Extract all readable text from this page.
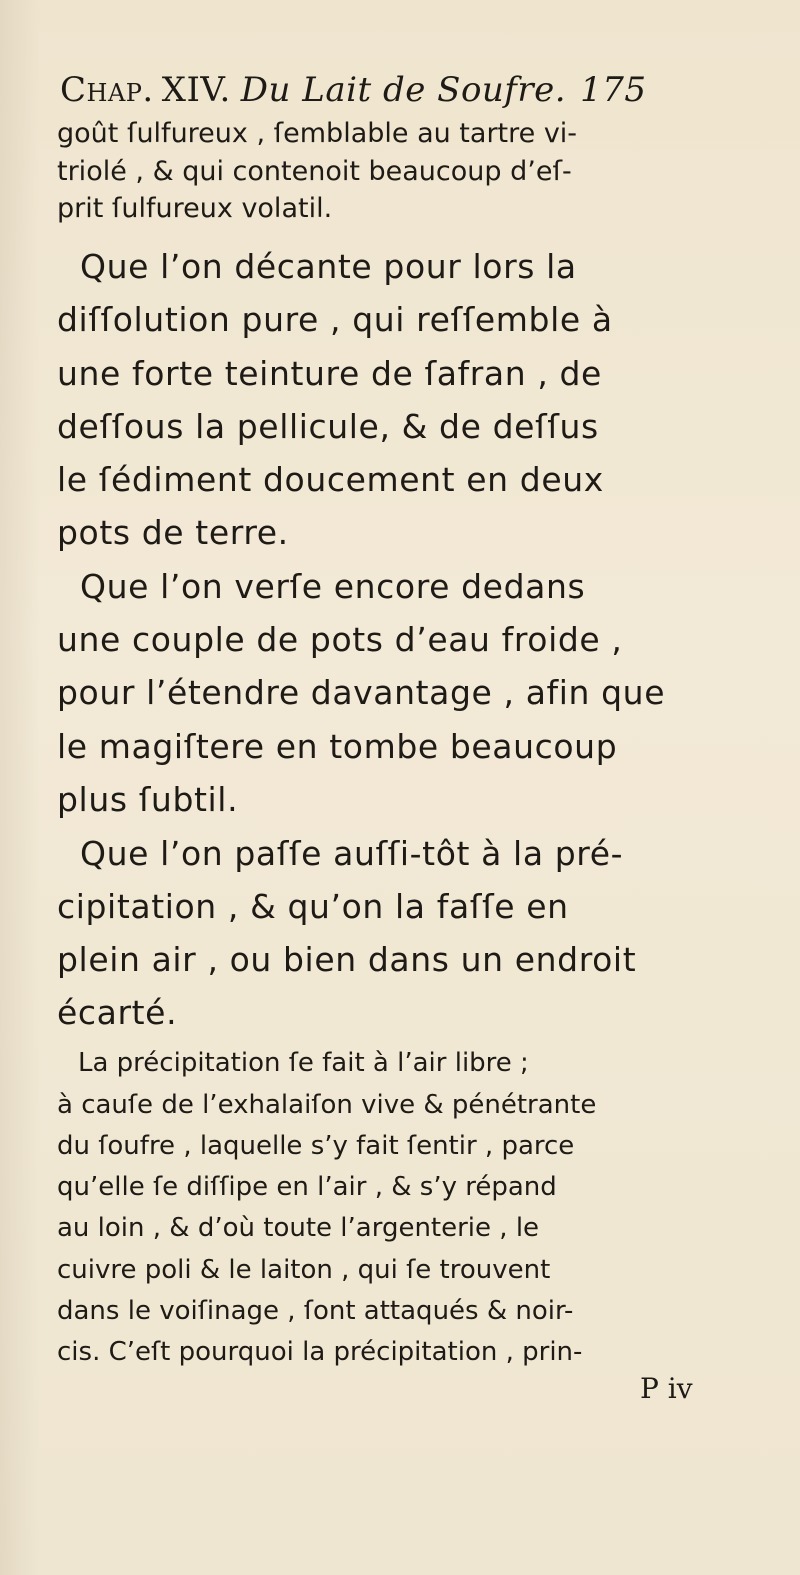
Chap. XIV. Du Lait de Soufre. 175
goût ſulfureux , ſemblable au tartre vi-
triolé , & qui contenoit beaucoup d’eſ-
prit ſulfureux volatil.
Que l’on décante pour lors la
diſſolution pure , qui reſſemble à
une forte teinture de ſafran , de
deſſous la pellicule, & de deſſus
le ſédiment doucement en deux
pots de terre.
Que l’on verſe encore dedans
une couple de pots d’eau froide ,
pour l’étendre davantage , afin que
le magiſtere en tombe beaucoup
plus ſubtil.
Que l’on paſſe auſſi-tôt à la pré-
cipitation , & qu’on la faſſe en
plein air , ou bien dans un endroit
écarté.
La précipitation ſe fait à l’air libre ;
à cauſe de l’exhalaiſon vive & pénétrante
du ſoufre , laquelle s’y fait ſentir , parce
qu’elle ſe diſſipe en l’air , & s’y répand
au loin , & d’où toute l’argenterie , le
cuivre poli & le laiton , qui ſe trouvent
dans le voiſinage , ſont attaqués & noir-
cis. C’eſt pourquoi la précipitation , prin-
P iv
